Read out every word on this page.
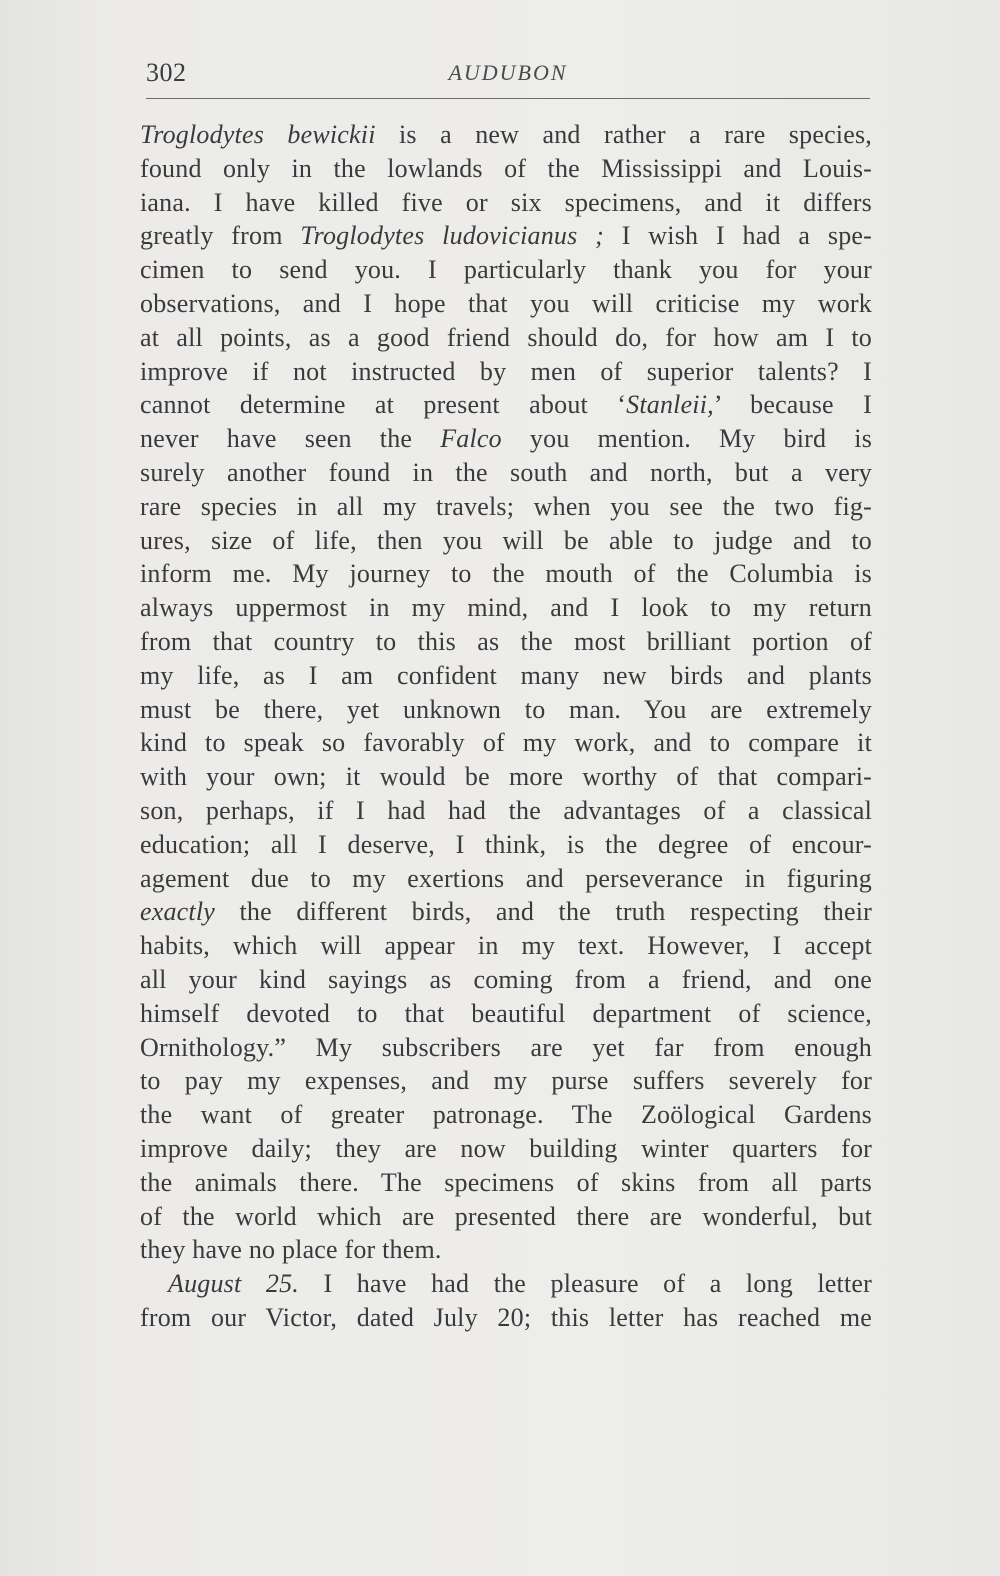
302	AUDUBON
Troglodytes bewickii is a new and rather a rare species,
found only in the lowlands of the Mississippi and Louis-
iana. I have killed five or six specimens, and it differs
greatly from Troglodytes ludovicianus ; I wish I had a spe-
cimen to send you. I particularly thank you for your
observations, and I hope that you will criticise my work
at all points, as a good friend should do, for how am I to
improve if not instructed by men of superior talents? I
cannot determine at present about ‘Stanleii,’ because I
never have seen the Falco you mention. My bird is
surely another found in the south and north, but a very
rare species in all my travels; when you see the two fig-
ures, size of life, then you will be able to judge and to
inform me. My journey to the mouth of the Columbia is
always uppermost in my mind, and I look to my return
from that country to this as the most brilliant portion of
my life, as I am confident many new birds and plants
must be there, yet unknown to man. You are extremely
kind to speak so favorably of my work, and to compare it
with your own; it would be more worthy of that compari-
son, perhaps, if I had had the advantages of a classical
education; all I deserve, I think, is the degree of encour-
agement due to my exertions and perseverance in figuring
exactly the different birds, and the truth respecting their
habits, which will appear in my text. However, I accept
all your kind sayings as coming from a friend, and one
himself devoted to that beautiful department of science,
Ornithology.” My subscribers are yet far from enough
to pay my expenses, and my purse suffers severely for
the want of greater patronage. The Zoölogical Gardens
improve daily; they are now building winter quarters for
the animals there. The specimens of skins from all parts
of the world which are presented there are wonderful, but
they have no place for them.
August 25. I have had the pleasure of a long letter
from our Victor, dated July 20; this letter has reached me
